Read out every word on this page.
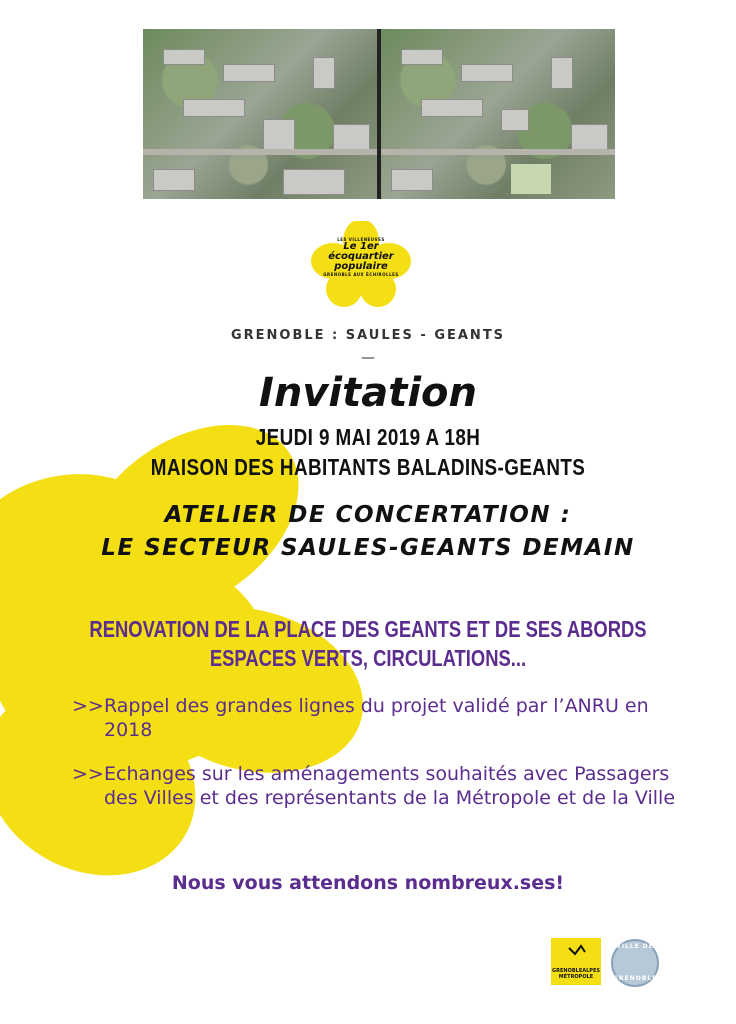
LES VILLENEUVES
Le 1er
écoquartier
populaire
GRENOBLE AUX ÉCHIROLLES
GRENOBLE : SAULES - GEANTS
—
Invitation
JEUDI 9 MAI 2019 A 18H
MAISON DES HABITANTS BALADINS-GEANTS
ATELIER DE CONCERTATION :
LE SECTEUR SAULES-GEANTS DEMAIN
RENOVATION DE LA PLACE DES GEANTS ET DE SES ABORDS
ESPACES VERTS, CIRCULATIONS...
>> Rappel des grandes lignes du projet validé par l’ANRU en 2018
>> Echanges sur les aménagements souhaités avec Passagers des Villes et des représentants de la Métropole et de la Ville
Nous vous attendons nombreux.ses!
GRENOBLEALPES
MÉTROPOLE
VILLE DE
GRENOBLE
